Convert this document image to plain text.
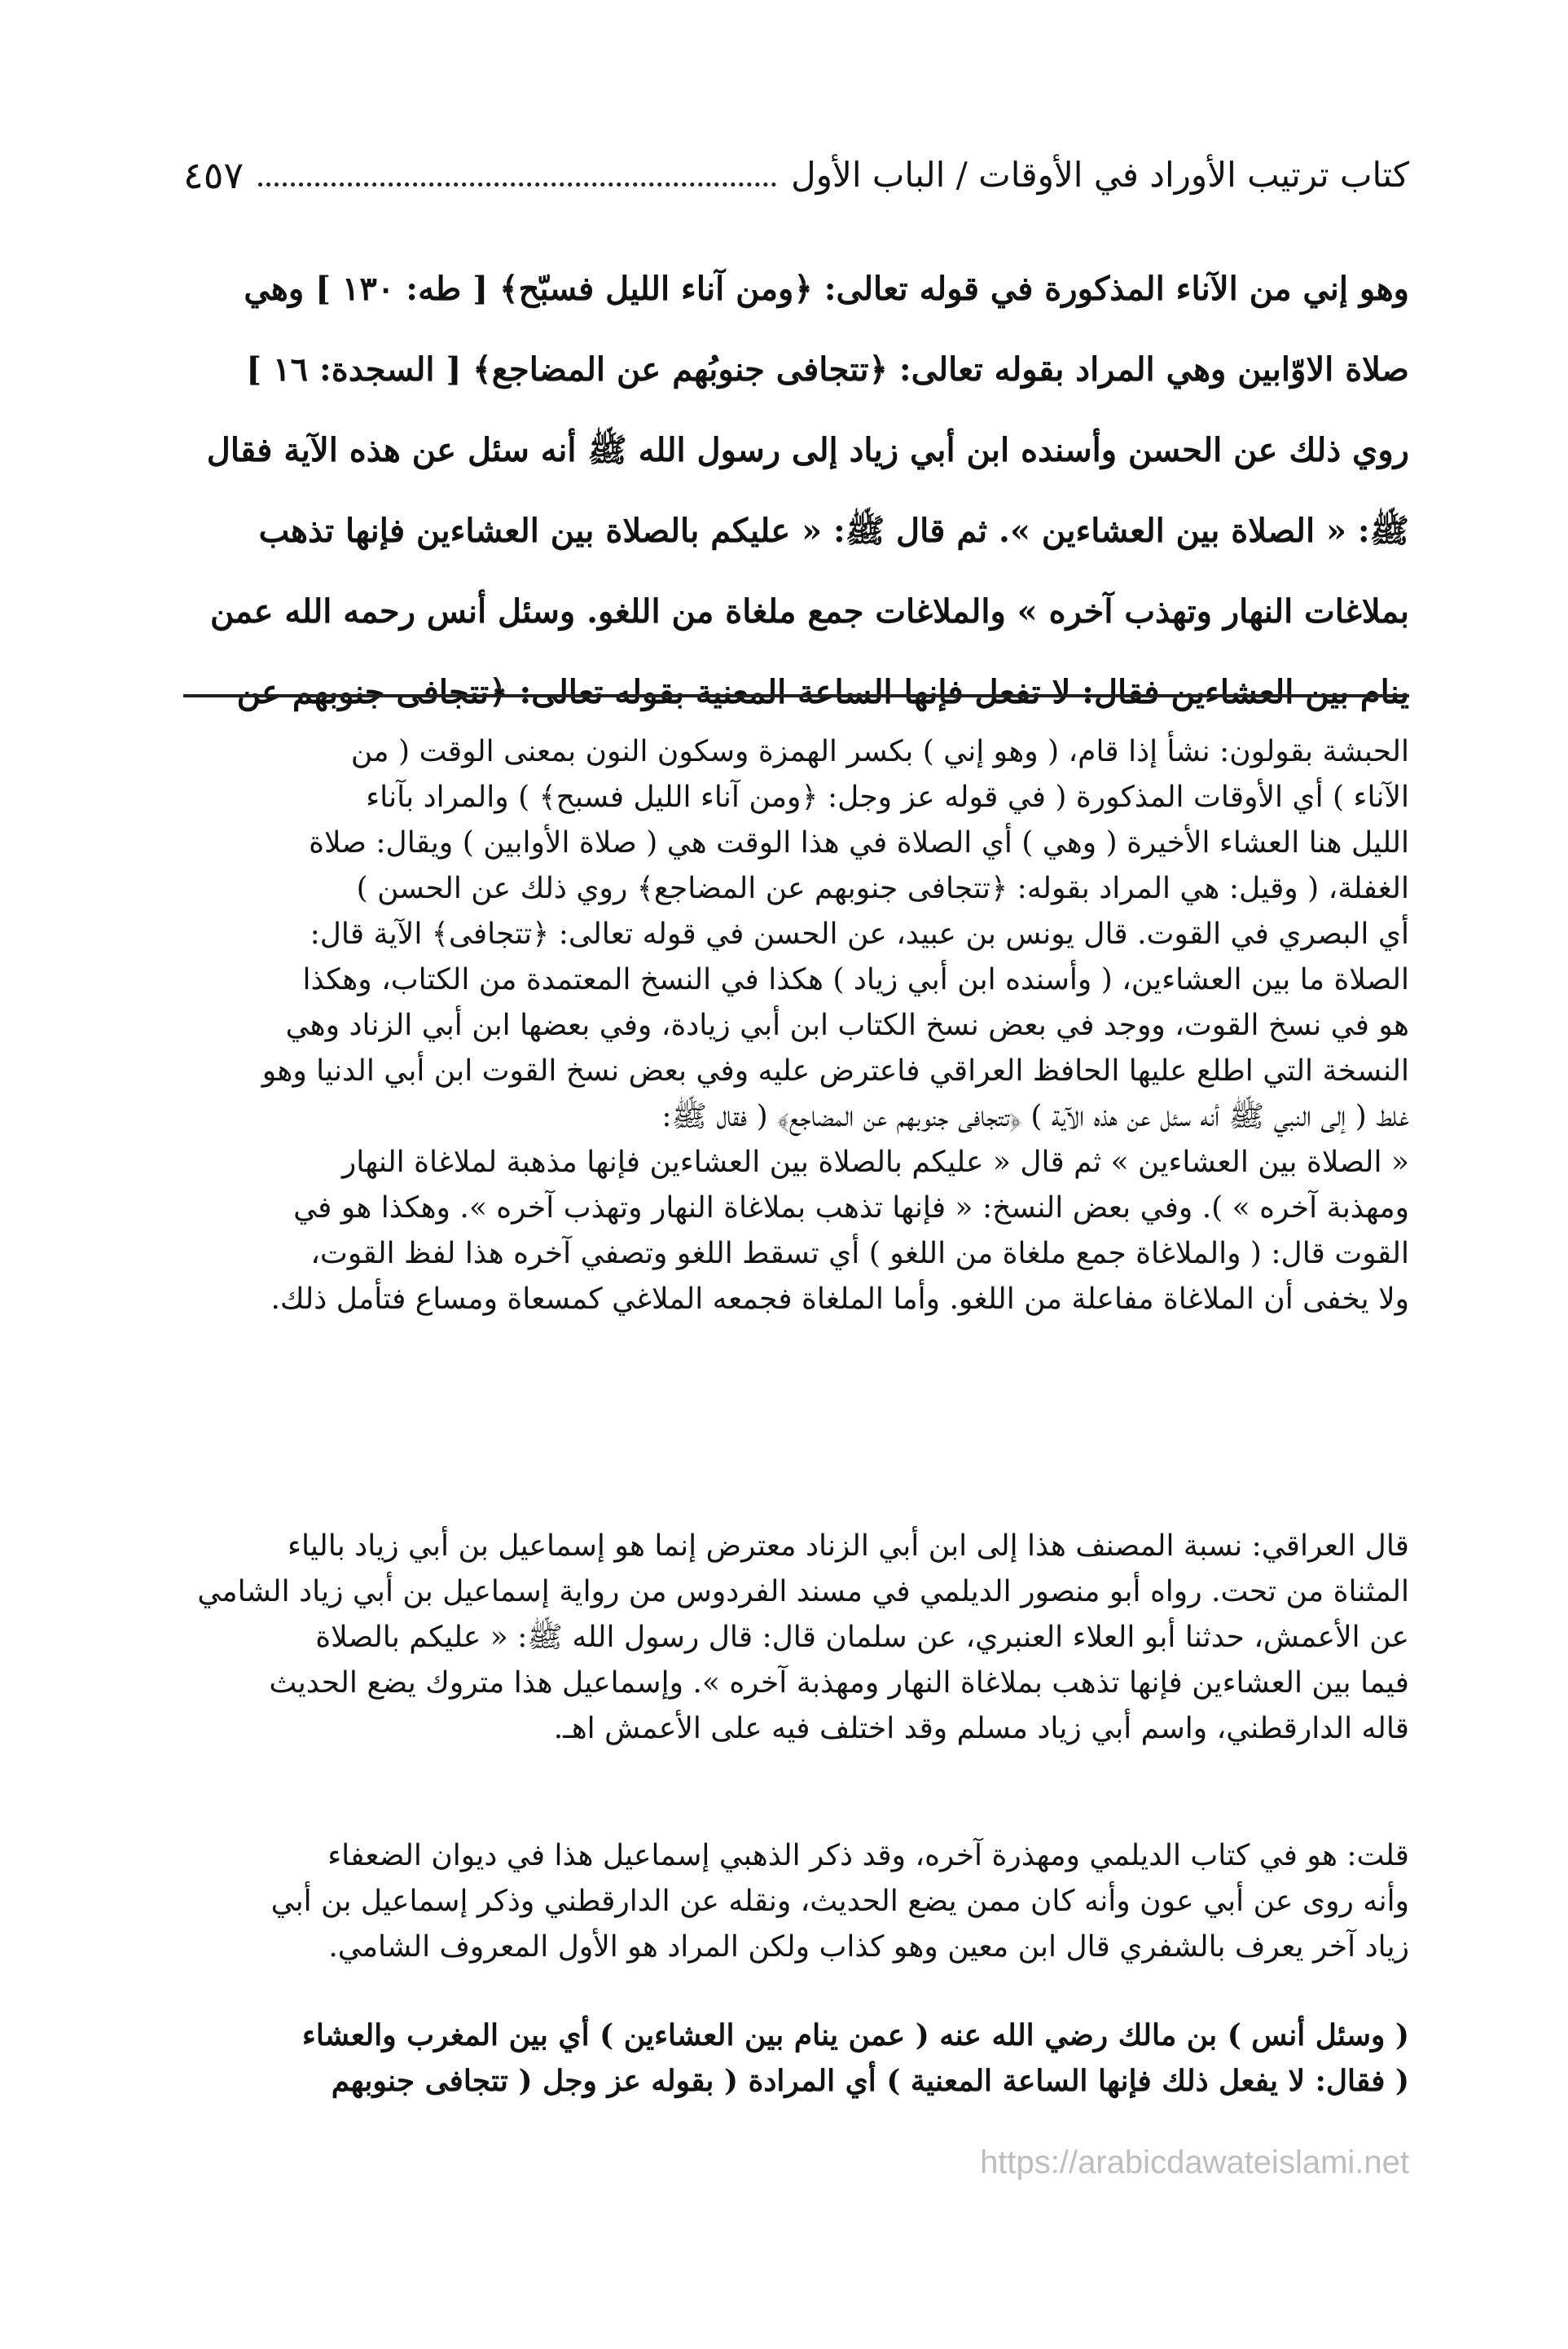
كتاب ترتيب الأوراد في الأوقات / الباب الأول
٤٥٧

وهو إني من الآناء المذكورة في قوله تعالى: ﴿ومن آناء الليل فسبّح﴾ [ طه: ١٣٠ ] وهي

صلاة الاوّابين وهي المراد بقوله تعالى: ﴿تتجافى جنوبُهم عن المضاجع﴾ [ السجدة: ١٦ ]

روي ذلك عن الحسن وأسنده ابن أبي زياد إلى رسول الله ﷺ أنه سئل عن هذه الآية فقال

ﷺ: « الصلاة بين العشاءين ». ثم قال ﷺ: « عليكم بالصلاة بين العشاءين فإنها تذهب

بملاغات النهار وتهذب آخره » والملاغات جمع ملغاة من اللغو. وسئل أنس رحمه الله عمن

ينام بين العشاءين فقال: لا تفعل فإنها الساعة المعنية بقوله تعالى: ﴿تتجافى جنوبهم عن

الحبشة بقولون: نشأ إذا قام، ( وهو إني ) بكسر الهمزة وسكون النون بمعنى الوقت ( من

الآناء ) أي الأوقات المذكورة ( في قوله عز وجل: ﴿ومن آناء الليل فسبح﴾ ) والمراد بآناء

الليل هنا العشاء الأخيرة ( وهي ) أي الصلاة في هذا الوقت هي ( صلاة الأوابين ) ويقال: صلاة

الغفلة، ( وقيل: هي المراد بقوله: ﴿تتجافى جنوبهم عن المضاجع﴾ روي ذلك عن الحسن )

أي البصري في القوت. قال يونس بن عبيد، عن الحسن في قوله تعالى: ﴿تتجافى﴾ الآية قال:

الصلاة ما بين العشاءين، ( وأسنده ابن أبي زياد ) هكذا في النسخ المعتمدة من الكتاب، وهكذا

هو في نسخ القوت، ووجد في بعض نسخ الكتاب ابن أبي زيادة، وفي بعضها ابن أبي الزناد وهي

النسخة التي اطلع عليها الحافظ العراقي فاعترض عليه وفي بعض نسخ القوت ابن أبي الدنيا وهو

غلط ( إلى النبي ﷺ أنه سئل عن هذه الآية ) ﴿تتجافى جنوبهم عن المضاجع﴾ ( فقال ﷺ:

« الصلاة بين العشاءين » ثم قال « عليكم بالصلاة بين العشاءين فإنها مذهبة لملاغاة النهار

ومهذبة آخره » ). وفي بعض النسخ: « فإنها تذهب بملاغاة النهار وتهذب آخره ». وهكذا هو في

القوت قال: ( والملاغاة جمع ملغاة من اللغو ) أي تسقط اللغو وتصفي آخره هذا لفظ القوت،

ولا يخفى أن الملاغاة مفاعلة من اللغو. وأما الملغاة فجمعه الملاغي كمسعاة ومساع فتأمل ذلك.

قال العراقي: نسبة المصنف هذا إلى ابن أبي الزناد معترض إنما هو إسماعيل بن أبي زياد بالياء

المثناة من تحت. رواه أبو منصور الديلمي في مسند الفردوس من رواية إسماعيل بن أبي زياد الشامي

عن الأعمش، حدثنا أبو العلاء العنبري، عن سلمان قال: قال رسول الله ﷺ: « عليكم بالصلاة

فيما بين العشاءين فإنها تذهب بملاغاة النهار ومهذبة آخره ». وإسماعيل هذا متروك يضع الحديث

قاله الدارقطني، واسم أبي زياد مسلم وقد اختلف فيه على الأعمش اهـ.

قلت: هو في كتاب الديلمي ومهذرة آخره، وقد ذكر الذهبي إسماعيل هذا في ديوان الضعفاء

وأنه روى عن أبي عون وأنه كان ممن يضع الحديث، ونقله عن الدارقطني وذكر إسماعيل بن أبي

زياد آخر يعرف بالشفري قال ابن معين وهو كذاب ولكن المراد هو الأول المعروف الشامي.

( وسئل أنس ) بن مالك رضي الله عنه ( عمن ينام بين العشاءين ) أي بين المغرب والعشاء

( فقال: لا يفعل ذلك فإنها الساعة المعنية ) أي المرادة ( بقوله عز وجل ( تتجافى جنوبهم

https://arabicdawateislami.net
